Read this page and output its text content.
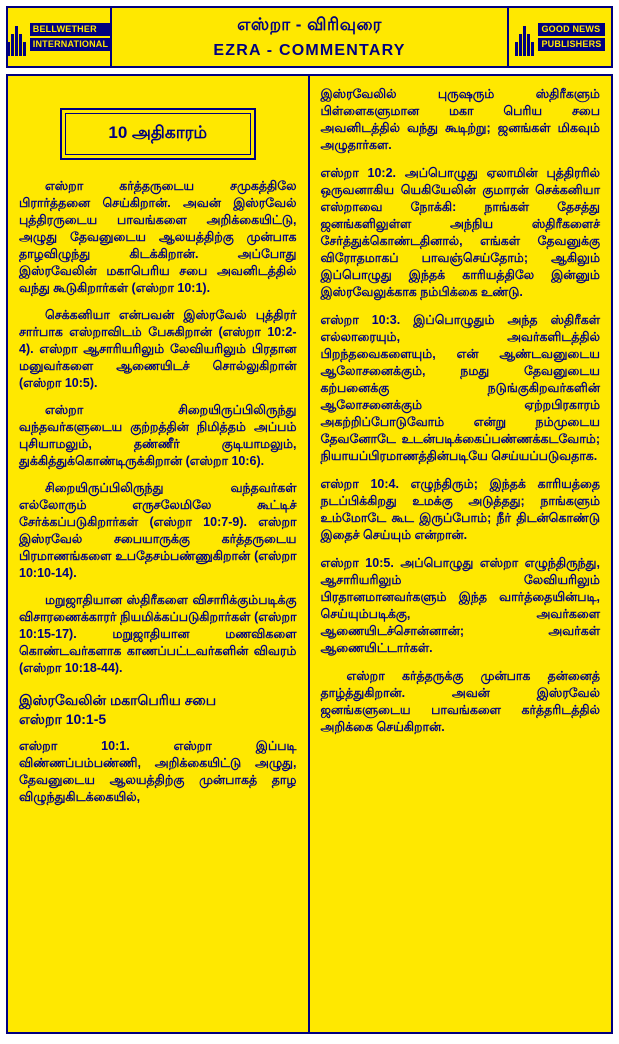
BELLWETHER
INTERNATIONAL
எஸ்றா - விரிவுரை
EZRA - COMMENTARY
GOOD NEWS
PUBLISHERS
10 அதிகாரம்

எஸ்றா கர்த்தருடைய சமுகத்திலே பிரார்த்தனை செய்கிறான். அவன் இஸ்ரவேல் புத்திரருடைய பாவங்களை அறிக்கையிட்டு, அழுது தேவனுடைய ஆலயத்திற்கு முன்பாக தாழவிழுந்து கிடக்கிறான். அப்போது இஸ்ரவேலின் மகாபெரிய சபை அவனிடத்தில் வந்து கூடுகிறார்கள் (எஸ்றா 10:1).

செக்கனியா என்பவன் இஸ்ரவேல் புத்திரர் சார்பாக எஸ்றாவிடம் பேசுகிறான் (எஸ்றா 10:2-4). எஸ்றா ஆசாரியரிலும் லேவியரிலும் பிரதான மனுவர்களை ஆணையிடச் சொல்லுகிறான் (எஸ்றா 10:5).

எஸ்றா சிறையிருப்பிலிருந்து வந்தவர்களுடைய குற்றத்தின் நிமித்தம் அப்பம் புசியாமலும், தண்ணீர் குடியாமலும், துக்கித்துக்கொண்டிருக்கிறான் (எஸ்றா 10:6).

சிறையிருப்பிலிருந்து வந்தவர்கள் எல்லோரும் எருசலேமிலே கூட்டிச் சேர்க்கப்படுகிறார்கள் (எஸ்றா 10:7-9). எஸ்றா இஸ்ரவேல் சபையாருக்கு கர்த்தருடைய பிரமாணங்களை உபதேசம்பண்ணுகிறான் (எஸ்றா 10:10-14).

மறுஜாதியான ஸ்திரீகளை விசாரிக்கும்படிக்கு விசாரணைக்காரர் நியமிக்கப்படுகிறார்கள் (எஸ்றா 10:15-17). மறுஜாதியான மணவிகளை கொண்டவர்களாக காணப்பட்டவர்களின் விவரம் (எஸ்றா 10:18-44).

இஸ்ரவேலின் மகாபெரிய சபை
எஸ்றா 10:1-5

எஸ்றா 10:1. எஸ்றா இப்படி விண்ணப்பம்பண்ணி, அறிக்கையிட்டு அழுது, தேவனுடைய ஆலயத்திற்கு முன்பாகத் தாழ விழுந்துகிடக்கையில்,

இஸ்ரவேலில் புருஷரும் ஸ்திரீகளும் பிள்ளைகளுமான மகா பெரிய சபை அவனிடத்தில் வந்து கூடிற்று; ஜனங்கள் மிகவும் அழுதார்கள.

எஸ்றா 10:2. அப்பொழுது ஏலாமின் புத்திரரில் ஒருவனாகிய யெகியேலின் குமாரன் செக்கனியா எஸ்றாவை நோக்கி: நாங்கள் தேசத்து ஜனங்களிலுள்ள அந்நிய ஸ்திரீகளைச் சேர்த்துக்கொண்டதினால், எங்கள் தேவனுக்கு விரோதமாகப் பாவஞ்செய்தோம்; ஆகிலும் இப்பொழுது இந்தக் காரியத்திலே இன்னும் இஸ்ரவேலுக்காக நம்பிக்கை உண்டு.

எஸ்றா 10:3. இப்பொழுதும் அந்த ஸ்திரீகள் எல்லாரையும், அவர்களிடத்தில் பிறந்தவைகளையும், என் ஆண்டவனுடைய ஆலோசனைக்கும், நமது தேவனுடைய கற்பனைக்கு நடுங்குகிறவர்களின் ஆலோசனைக்கும் ஏற்றபிரகாரம் அகற்றிப்போடுவோம் என்று நம்முடைய தேவனோடே உடன்படிக்கைப்பண்ணக்கடவோம்; நியாயப்பிரமாணத்தின்படியே செய்யப்படுவதாக.

எஸ்றா 10:4. எழுந்திரும்; இந்தக் காரியத்தை நடப்பிக்கிறது உமக்கு அடுத்தது; நாங்களும் உம்மோடே கூட இருப்போம்; நீர் திடன்கொண்டு இதைச் செய்யும் என்றான்.

எஸ்றா 10:5. அப்பொழுது எஸ்றா எழுந்திருந்து, ஆசாரியரிலும் லேவியரிலும் பிரதானமானவர்களும் இந்த வார்த்தையின்படி, செய்யும்படிக்கு, அவர்களை ஆணையிடச்சொன்னான்; அவர்கள் ஆணையிட்டார்கள்.

எஸ்றா கர்த்தருக்கு முன்பாக தன்னைத் தாழ்த்துகிறான். அவன் இஸ்ரவேல் ஜனங்களுடைய பாவங்களை கர்த்தரிடத்தில் அறிக்கை செய்கிறான்.
